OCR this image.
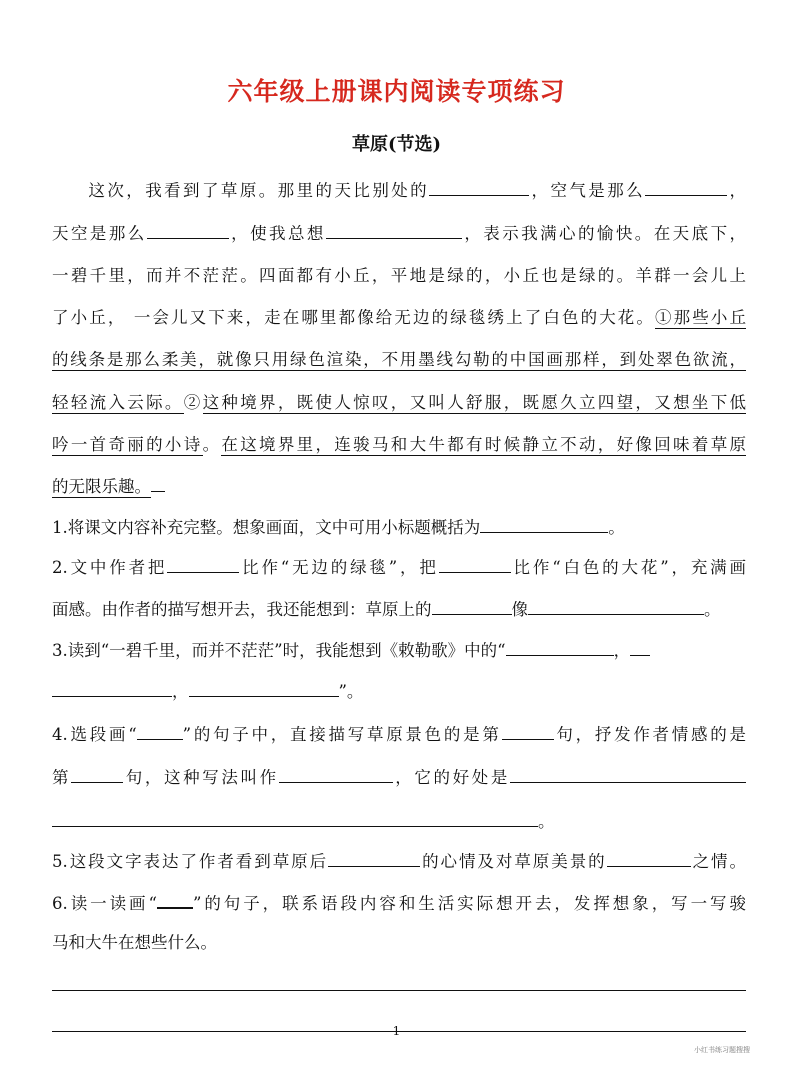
六年级上册课内阅读专项练习
草原(节选)
这次，我看到了草原。那里的天比别处的	，空气是那么	，
天空是那么	，使我总想	，表示我满心的愉快。在天底下，
一碧千里，而并不茫茫。四面都有小丘，平地是绿的，小丘也是绿的。羊群一会儿上
了小丘， 一会儿又下来，走在哪里都像给无边的绿毯绣上了白色的大花。①那些小丘
的线条是那么柔美，就像只用绿色渲染，不用墨线勾勒的中国画那样，到处翠色欲流，
轻轻流入云际。②这种境界，既使人惊叹，又叫人舒服，既愿久立四望，又想坐下低
吟一首奇丽的小诗。在这境界里，连骏马和大牛都有时候静立不动，好像回味着草原
的无限乐趣。
1.将课文内容补充完整。想象画面，文中可用小标题概括为	。
2.文中作者把	比作“无边的绿毯”，把	比作“白色的大花”，充满画
面感。由作者的描写想开去，我还能想到：草原上的	像	。
3.读到“一碧千里，而并不茫茫”时，我能想到《敕勒歌》中的“	，
，	”。
4.选段画“	”的句子中，直接描写草原景色的是第	句，抒发作者情感的是
第	句，这种写法叫作	，它的好处是
。
5.这段文字表达了作者看到草原后	的心情及对草原美景的	之情。
6.读一读画“ ”的句子，联系语段内容和生活实际想开去，发挥想象，写一写骏
马和大牛在想些什么。
1
小红书练习题搜搜
